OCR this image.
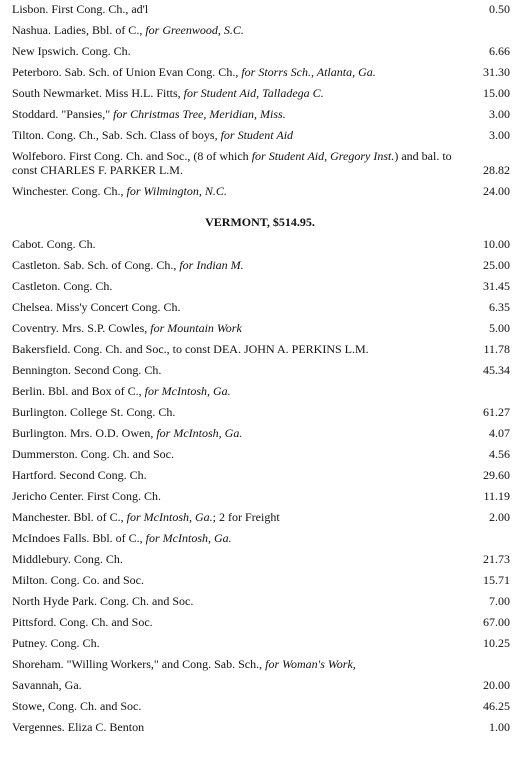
Lisbon. First Cong. Ch., ad'l	0.50
Nashua. Ladies, Bbl. of C., for Greenwood, S.C.
New Ipswich. Cong. Ch.	6.66
Peterboro. Sab. Sch. of Union Evan Cong. Ch., for Storrs Sch., Atlanta, Ga.	31.30
South Newmarket. Miss H.L. Fitts, for Student Aid, Talladega C.	15.00
Stoddard. "Pansies," for Christmas Tree, Meridian, Miss.	3.00
Tilton. Cong. Ch., Sab. Sch. Class of boys, for Student Aid	3.00
Wolfeboro. First Cong. Ch. and Soc., (8 of which for Student Aid, Gregory Inst.) and bal. to const CHARLES F. PARKER L.M.	28.82
Winchester. Cong. Ch., for Wilmington, N.C.	24.00
VERMONT, $514.95.
Cabot. Cong. Ch.	10.00
Castleton. Sab. Sch. of Cong. Ch., for Indian M.	25.00
Castleton. Cong. Ch.	31.45
Chelsea. Miss'y Concert Cong. Ch.	6.35
Coventry. Mrs. S.P. Cowles, for Mountain Work	5.00
Bakersfield. Cong. Ch. and Soc., to const DEA. JOHN A. PERKINS L.M.	11.78
Bennington. Second Cong. Ch.	45.34
Berlin. Bbl. and Box of C., for McIntosh, Ga.
Burlington. College St. Cong. Ch.	61.27
Burlington. Mrs. O.D. Owen, for McIntosh, Ga.	4.07
Dummerston. Cong. Ch. and Soc.	4.56
Hartford. Second Cong. Ch.	29.60
Jericho Center. First Cong. Ch.	11.19
Manchester. Bbl. of C., for McIntosh, Ga.; 2 for Freight	2.00
McIndoes Falls. Bbl. of C., for McIntosh, Ga.
Middlebury. Cong. Ch.	21.73
Milton. Cong. Co. and Soc.	15.71
North Hyde Park. Cong. Ch. and Soc.	7.00
Pittsford. Cong. Ch. and Soc.	67.00
Putney. Cong. Ch.	10.25
Shoreham. "Willing Workers," and Cong. Sab. Sch., for Woman's Work,
Savannah, Ga.	20.00
Stowe, Cong. Ch. and Soc.	46.25
Vergennes. Eliza C. Benton	1.00
